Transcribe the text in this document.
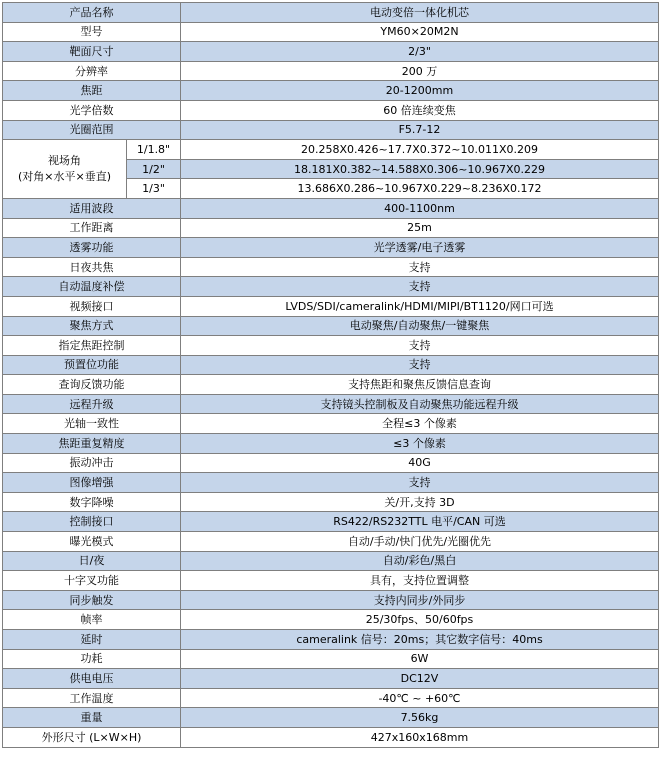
产品名称		电动变倍一体化机芯
型号		YM60×20M2N
靶面尺寸		2/3"
分辨率		200 万
焦距		20-1200mm
光学倍数		60 倍连续变焦
光圈范围		F5.7-12

视场角
(对角×水平×垂直)	1/1.8"	20.258X0.426~17.7X0.372~10.011X0.209
	1/2"	18.181X0.382~14.588X0.306~10.967X0.229
	1/3"	13.686X0.286~10.967X0.229~8.236X0.172
适用波段		400-1100nm
工作距离		25m
透雾功能		光学透雾/电子透雾
日夜共焦		支持
自动温度补偿		支持
视频接口		LVDS/SDI/cameralink/HDMI/MIPI/BT1120/网口可选
聚焦方式		电动聚焦/自动聚焦/一键聚焦
指定焦距控制		支持
预置位功能		支持
查询反馈功能		支持焦距和聚焦反馈信息查询
远程升级		支持镜头控制板及自动聚焦功能远程升级
光轴一致性		全程≤3 个像素
焦距重复精度		≤3 个像素
振动冲击		40G
图像增强		支持
数字降噪		关/开,支持 3D
控制接口		RS422/RS232TTL 电平/CAN 可选
曝光模式		自动/手动/快门优先/光圈优先
日/夜		自动/彩色/黑白
十字叉功能		具有，支持位置调整
同步触发		支持内同步/外同步
帧率		25/30fps、50/60fps
延时		cameralink 信号：20ms；其它数字信号：40ms
功耗		6W
供电电压		DC12V
工作温度		-40℃ ~ +60℃
重量		7.56kg
外形尺寸 (L×W×H)		427x160x168mm
